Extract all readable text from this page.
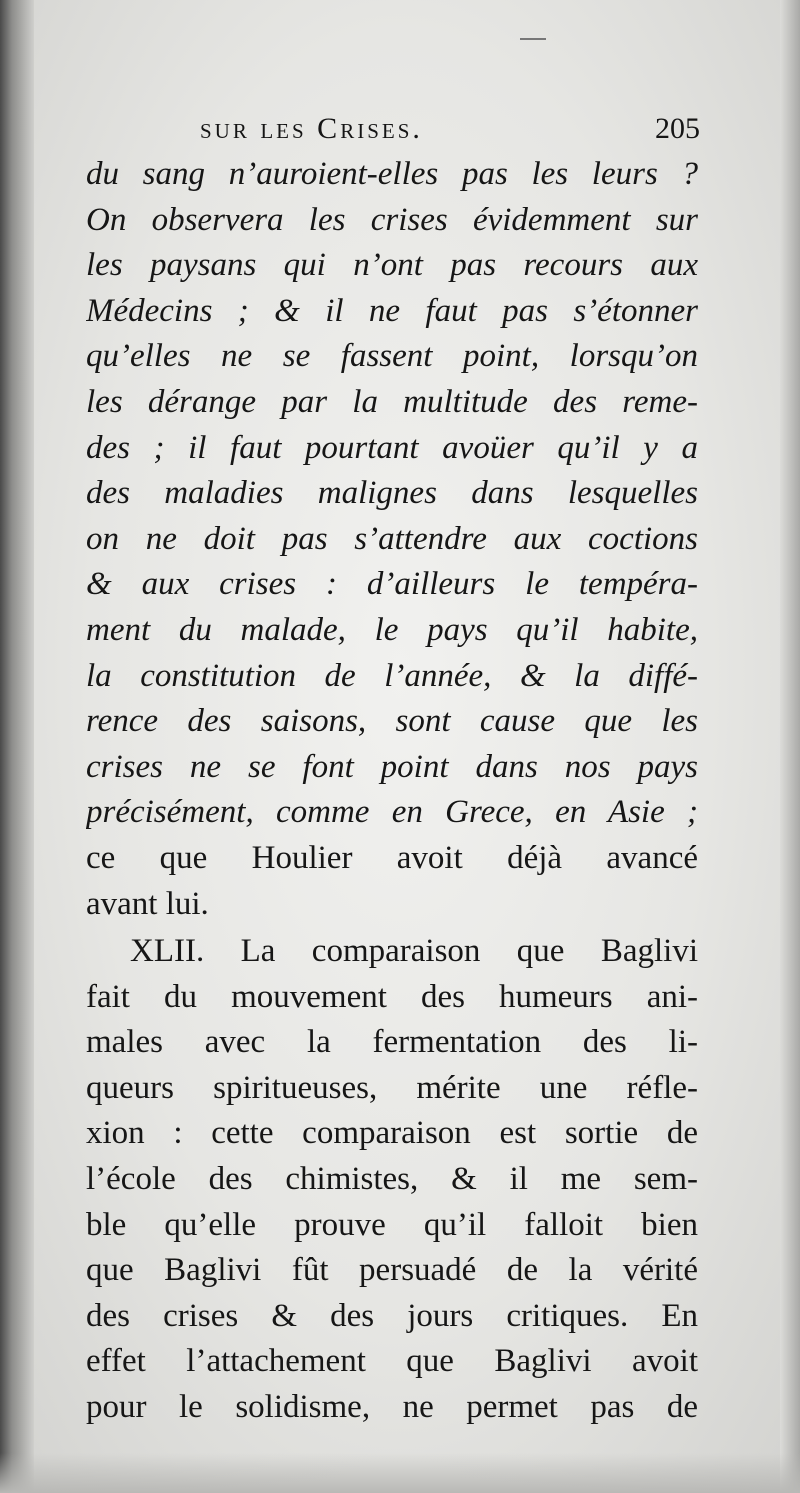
sur les Crises.	205
du sang n’auroient-elles pas les leurs ?
On observera les crises évidemment sur
les paysans qui n’ont pas recours aux
Médecins ; & il ne faut pas s’étonner
qu’elles ne se fassent point, lorsqu’on
les dérange par la multitude des reme-
des ; il faut pourtant avoüer qu’il y a
des maladies malignes dans lesquelles
on ne doit pas s’attendre aux coctions
& aux crises : d’ailleurs le tempéra-
ment du malade, le pays qu’il habite,
la constitution de l’année, & la diffé-
rence des saisons, sont cause que les
crises ne se font point dans nos pays
précisément, comme en Grece, en Asie ;
ce que Houlier avoit déjà avancé
avant lui.
XLII. La comparaison que Baglivi
fait du mouvement des humeurs ani-
males avec la fermentation des li-
queurs spiritueuses, mérite une réfle-
xion : cette comparaison est sortie de
l’école des chimistes, & il me sem-
ble qu’elle prouve qu’il falloit bien
que Baglivi fût persuadé de la vérité
des crises & des jours critiques. En
effet l’attachement que Baglivi avoit
pour le solidisme, ne permet pas de
